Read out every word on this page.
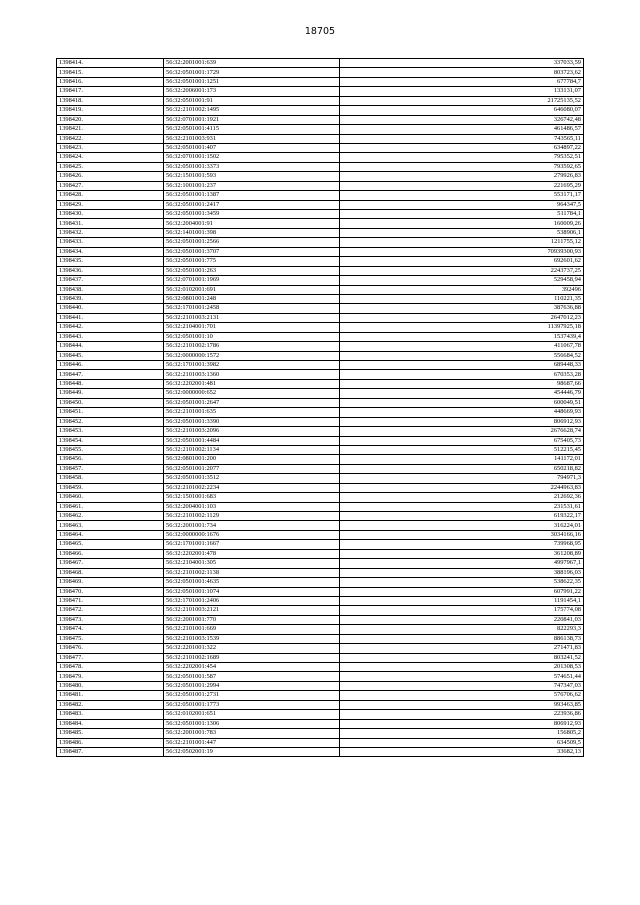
18705
1398414.	56:32:2001001:639	337033,59
1398415.	56:32:0501001:1729	803723,62
1398416.	56:32:0501001:1251	677784,7
1398417.	56:32:2006001:173	133131,07
1398418.	56:32:0501001:91	21725135,52
1398419.	56:32:2101002:1495	646080,07
1398420.	56:32:0701001:1921	326742,48
1398421.	56:32:0501001:4115	461486,57
1398422.	56:32:2101003:931	743565,11
1398423.	56:32:0501001:407	634897,22
1398424.	56:32:0701001:1502	795352,51
1398425.	56:32:0501001:3373	793592,65
1398426.	56:32:1501001:593	279926,83
1398427.	56:32:1001001:237	221695,29
1398428.	56:32:0501001:1387	553171,17
1398429.	56:32:0501001:2417	964347,5
1398430.	56:32:0501001:3459	511784,1
1398431.	56:32:2004001:91	160009,26
1398432.	56:32:1401001:398	538906,1
1398433.	56:32:0501001:2566	1211755,12
1398434.	56:32:0501001:3707	70939300,93
1398435.	56:32:0501001:775	692601,62
1398436.	56:32:0501001:263	2243737,25
1398437.	56:32:0701001:1969	529458,94
1398438.	56:32:0102001:691	392496
1398439.	56:32:0801001:248	110221,35
1398440.	56:32:1701001:2458	387636,88
1398441.	56:32:2101003:2131	2647012,23
1398442.	56:32:2104001:701	11397925,18
1398443.	56:32:0501001:10	1537439,4
1398444.	56:32:2101002:1786	411067,78
1398445.	56:32:0000000:1572	556684,52
1398446.	56:32:1701001:3982	689448,33
1398447.	56:32:2101003:1360	670353,28
1398448.	56:32:2202001:481	98687,66
1398449.	56:32:0000000:652	454446,79
1398450.	56:32:0501001:2647	600049,51
1398451.	56:32:2101001:635	448669,93
1398452.	56:32:0501001:3390	806912,93
1398453.	56:32:2101003:2096	2676628,74
1398454.	56:32:0501001:4484	675405,73
1398455.	56:32:2101002:1134	512215,45
1398456.	56:32:0801001:200	141172,01
1398457.	56:32:0501001:2077	650218,82
1398458.	56:32:0501001:3512	794971,3
1398459.	56:32:2101002:2234	2244963,83
1398460.	56:32:1501001:683	212692,36
1398461.	56:32:2004001:103	231531,61
1398462.	56:32:2101002:1129	619322,17
1398463.	56:32:2001001:734	316224,01
1398464.	56:32:0000000:1676	3034166,16
1398465.	56:32:1701001:1667	739968,95
1398466.	56:32:2202001:478	361208,89
1398467.	56:32:2104001:305	4997967,1
1398468.	56:32:2101002:1138	388196,03
1398469.	56:32:0501001:4635	538622,35
1398470.	56:32:0501001:1074	607991,22
1398471.	56:32:1701001:2406	1191454,1
1398472.	56:32:2101003:2121	175774,08
1398473.	56:32:2001001:770	220841,03
1398474.	56:32:2101001:669	822293,3
1398475.	56:32:2101003:1539	886138,73
1398476.	56:32:2201001:322	271471,83
1398477.	56:32:2101002:1689	803241,52
1398478.	56:32:2202001:454	201308,53
1398479.	56:32:0501001:587	574651,44
1398480.	56:32:0501001:2994	747347,03
1398481.	56:32:0501001:2731	576706,62
1398482.	56:32:0501001:1773	993463,85
1398483.	56:32:0102001:651	223936,86
1398484.	56:32:0501001:1306	806912,93
1398485.	56:32:2001001:783	156805,2
1398486.	56:32:2101001:447	634509,5
1398487.	56:32:0502001:19	33682,13
